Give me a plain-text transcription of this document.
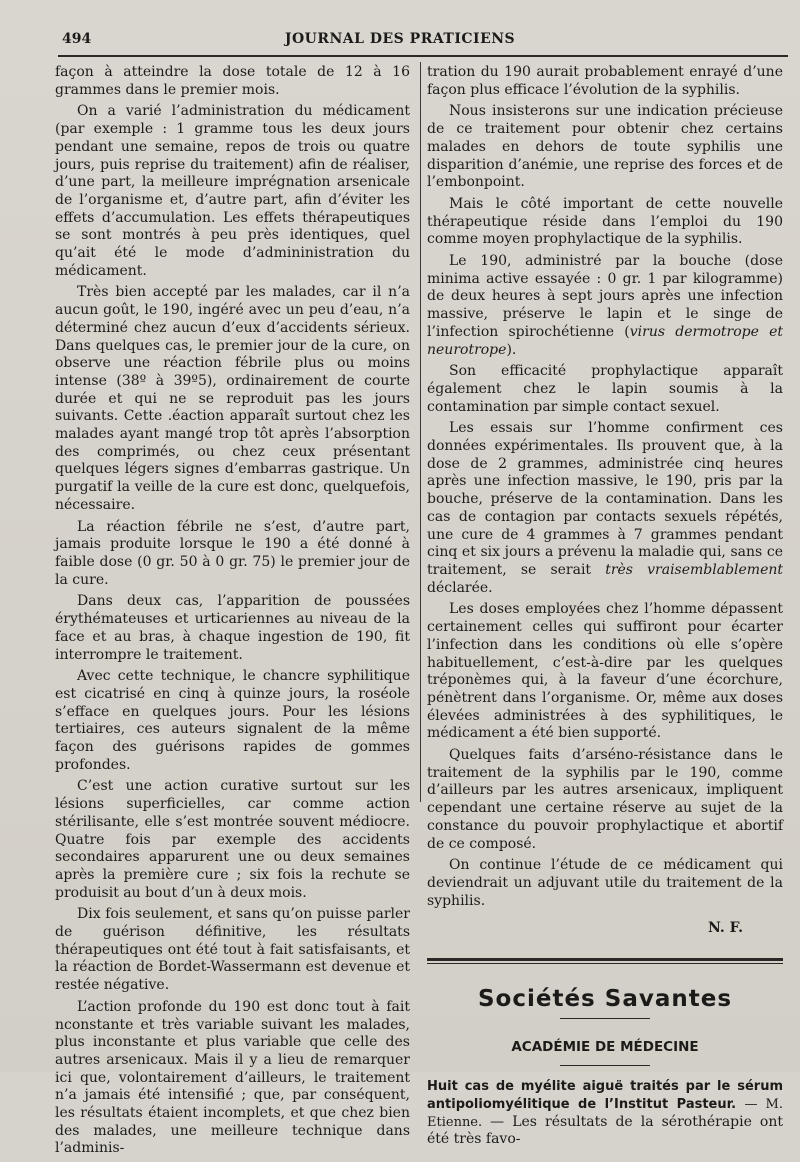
494	JOURNAL DES PRATICIENS

façon à atteindre la dose totale de 12 à 16 grammes dans le premier mois.

On a varié l’administration du médicament (par exemple : 1 gramme tous les deux jours pendant une semaine, repos de trois ou quatre jours, puis reprise du traitement) afin de réaliser, d’une part, la meilleure imprégnation arsenicale de l’organisme et, d’autre part, afin d’éviter les effets d’accumulation. Les effets thérapeutiques se sont montrés à peu près identiques, quel qu’ait été le mode d’admininistration du médicament.

Très bien accepté par les malades, car il n’a aucun goût, le 190, ingéré avec un peu d’eau, n’a déterminé chez aucun d’eux d’accidents sérieux. Dans quelques cas, le premier jour de la cure, on observe une réaction fébrile plus ou moins intense (38º à 39º5), ordinairement de courte durée et qui ne se reproduit pas les jours suivants. Cette .éaction apparaît surtout chez les malades ayant mangé trop tôt après l’absorption des comprimés, ou chez ceux présentant quelques légers signes d’embarras gastrique. Un purgatif la veille de la cure est donc, quelquefois, nécessaire.

La réaction fébrile ne s’est, d’autre part, jamais produite lorsque le 190 a été donné à faible dose (0 gr. 50 à 0 gr. 75) le premier jour de la cure.

Dans deux cas, l’apparition de poussées érythémateuses et urticariennes au niveau de la face et au bras, à chaque ingestion de 190, fit interrompre le traitement.

Avec cette technique, le chancre syphilitique est cicatrisé en cinq à quinze jours, la roséole s’efface en quelques jours. Pour les lésions tertiaires, ces auteurs signalent de la même façon des guérisons rapides de gommes profondes.

C’est une action curative surtout sur les lésions superficielles, car comme action stérilisante, elle s’est montrée souvent médiocre. Quatre fois par exemple des accidents secondaires apparurent une ou deux semaines après la première cure ; six fois la rechute se produisit au bout d’un à deux mois.

Dix fois seulement, et sans qu’on puisse parler de guérison définitive, les résultats thérapeutiques ont été tout à fait satisfaisants, et la réaction de Bordet-Wassermann est devenue et restée négative.

L’action profonde du 190 est donc tout à fait nconstante et très variable suivant les malades, plus inconstante et plus variable que celle des autres arsenicaux. Mais il y a lieu de remarquer ici que, volontairement d’ailleurs, le traitement n’a jamais été intensifié ; que, par conséquent, les résultats étaient incomplets, et que chez bien des malades, une meilleure technique dans l’adminis-

tration du 190 aurait probablement enrayé d’une façon plus efficace l’évolution de la syphilis.

Nous insisterons sur une indication précieuse de ce traitement pour obtenir chez certains malades en dehors de toute syphilis une disparition d’anémie, une reprise des forces et de l’embonpoint.

Mais le côté important de cette nouvelle thérapeutique réside dans l’emploi du 190 comme moyen prophylactique de la syphilis.

Le 190, administré par la bouche (dose minima active essayée : 0 gr. 1 par kilogramme) de deux heures à sept jours après une infection massive, préserve le lapin et le singe de l’infection spirochétienne (virus dermotrope et neurotrope).

Son efficacité prophylactique apparaît également chez le lapin soumis à la contamination par simple contact sexuel.

Les essais sur l’homme confirment ces données expérimentales. Ils prouvent que, à la dose de 2 grammes, administrée cinq heures après une infection massive, le 190, pris par la bouche, préserve de la contamination. Dans les cas de contagion par contacts sexuels répétés, une cure de 4 grammes à 7 grammes pendant cinq et six jours a prévenu la maladie qui, sans ce traitement, se serait très vraisemblablement déclarée.

Les doses employées chez l’homme dépassent certainement celles qui suffiront pour écarter l’infection dans les conditions où elle s’opère habituellement, c’est-à-dire par les quelques tréponèmes qui, à la faveur d’une écorchure, pénètrent dans l’organisme. Or, même aux doses élevées administrées à des syphilitiques, le médicament a été bien supporté.

Quelques faits d’arséno-résistance dans le traitement de la syphilis par le 190, comme d’ailleurs par les autres arsenicaux, impliquent cependant une certaine réserve au sujet de la constance du pouvoir prophylactique et abortif de ce composé.

On continue l’étude de ce médicament qui deviendrait un adjuvant utile du traitement de la syphilis.

N. F.
Sociétés Savantes
ACADÉMIE DE MÉDECINE
Huit cas de myélite aiguë traités par le sérum antipoliomyélitique de l’Institut Pasteur. — M. Etienne. — Les résultats de la sérothérapie ont été très favo-
